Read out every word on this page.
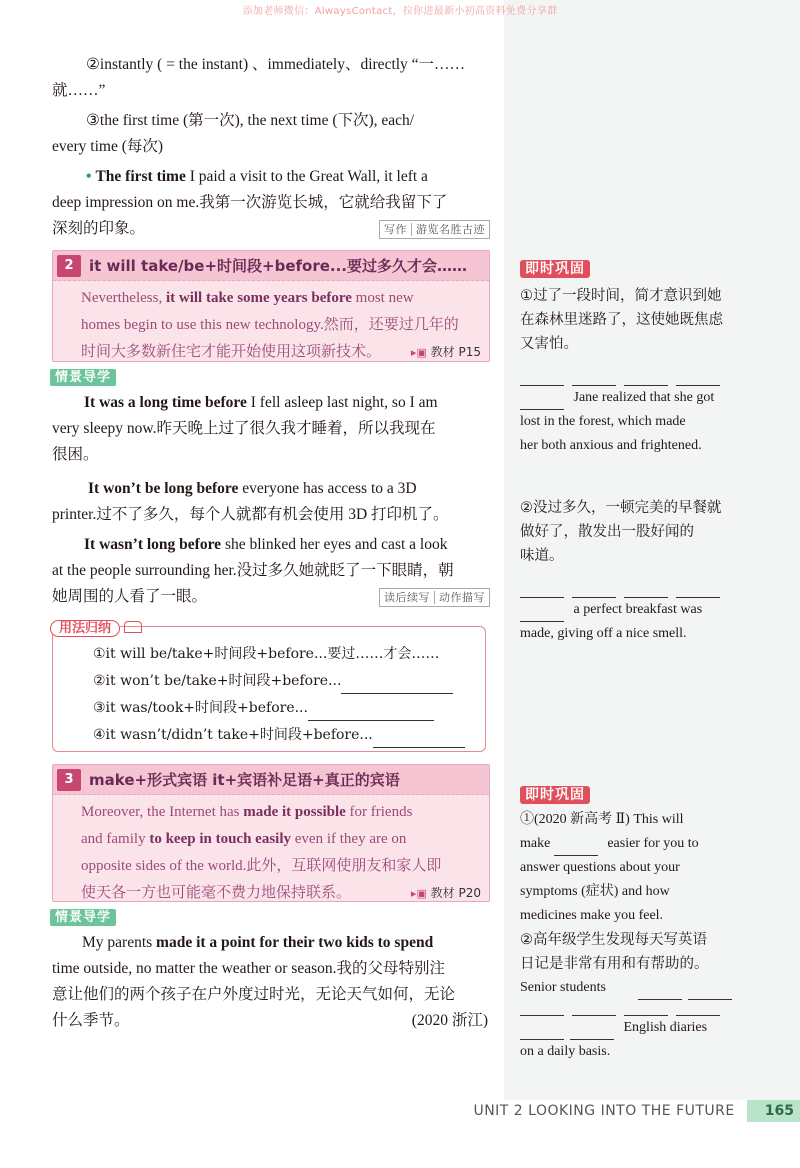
添加老师微信：AlwaysContact，拉你进最新小初高资料免费分享群
②instantly ( = the instant) 、immediately、directly “一……
就……”
③the first time (第一次), the next time (下次), each/
every time (每次)
• The first time I paid a visit to the Great Wall, it left a
deep impression on me.我第一次游览长城，它就给我留下了
深刻的印象。	写作 游览名胜古迹
2	it will take/be+时间段+before...要过多久才会……
Nevertheless, it will take some years before most new
homes begin to use this new technology.然而，还要过几年的
时间大多数新住宅才能开始使用这项新技术。	▸▣ 教材 P15
情景导学
It was a long time before I fell asleep last night, so I am
very sleepy now.昨天晚上过了很久我才睡着，所以我现在
很困。
It won’t be long before everyone has access to a 3D
printer.过不了多久，每个人就都有机会使用 3D 打印机了。
It wasn’t long before she blinked her eyes and cast a look
at the people surrounding her.没过多久她就眨了一下眼睛，朝
她周围的人看了一眼。	读后续写 动作描写
①it will be/take+时间段+before...要过……才会……
②it won’t be/take+时间段+before...
③it was/took+时间段+before...
④it wasn’t/didn’t take+时间段+before...
用法归纳
3	make+形式宾语 it+宾语补足语+真正的宾语
Moreover, the Internet has made it possible for friends
and family to keep in touch easily even if they are on
opposite sides of the world.此外，互联网使朋友和家人即
使天各一方也可能毫不费力地保持联系。	▸▣ 教材 P20
情景导学
My parents made it a point for their two kids to spend
time outside, no matter the weather or season.我的父母特别注
意让他们的两个孩子在户外度过时光，无论天气如何，无论
什么季节。	(2020 浙江)
即时巩固
①过了一段时间，简才意识到她
在森林里迷路了，这使她既焦虑
又害怕。
Jane realized that she got
lost in the forest, which made
her both anxious and frightened.
②没过多久，一顿完美的早餐就
做好了，散发出一股好闻的
味道。
a perfect breakfast was
made, giving off a nice smell.
即时巩固
①(2020 新高考 Ⅱ) This will
make	easier for you to
answer questions about your
symptoms (症状) and how
medicines make you feel.
②高年级学生发现每天写英语
日记是非常有用和有帮助的。
Senior students
English diaries
on a daily basis.
UNIT 2 LOOKING INTO THE FUTURE	165
